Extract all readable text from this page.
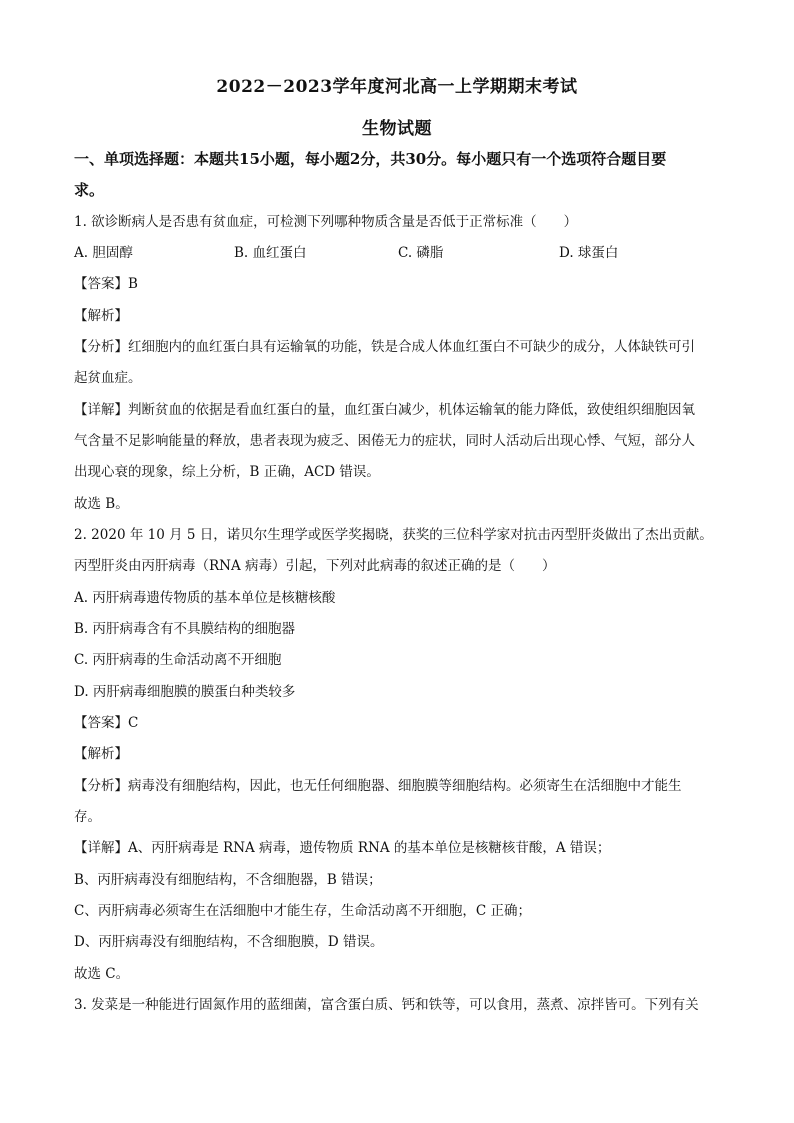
2022－2023学年度河北高一上学期期末考试
生物试题
一、单项选择题：本题共15小题，每小题2分，共30分。每小题只有一个选项符合题目要
求。
1. 欲诊断病人是否患有贫血症，可检测下列哪种物质含量是否低于正常标准（　　）
A. 胆固醇	B. 血红蛋白	C. 磷脂	D. 球蛋白
【答案】B
【解析】
【分析】红细胞内的血红蛋白具有运输氧的功能，铁是合成人体血红蛋白不可缺少的成分，人体缺铁可引
起贫血症。
【详解】判断贫血的依据是看血红蛋白的量，血红蛋白减少，机体运输氧的能力降低，致使组织细胞因氧
气含量不足影响能量的释放，患者表现为疲乏、困倦无力的症状，同时人活动后出现心悸、气短，部分人
出现心衰的现象，综上分析，B 正确，ACD 错误。
故选 B。
2. 2020 年 10 月 5 日，诺贝尔生理学或医学奖揭晓，获奖的三位科学家对抗击丙型肝炎做出了杰出贡献。
丙型肝炎由丙肝病毒（RNA 病毒）引起，下列对此病毒的叙述正确的是（　　）
A. 丙肝病毒遗传物质的基本单位是核糖核酸
B. 丙肝病毒含有不具膜结构的细胞器
C. 丙肝病毒的生命活动离不开细胞
D. 丙肝病毒细胞膜的膜蛋白种类较多
【答案】C
【解析】
【分析】病毒没有细胞结构，因此，也无任何细胞器、细胞膜等细胞结构。必须寄生在活细胞中才能生
存。
【详解】A、丙肝病毒是 RNA 病毒，遗传物质 RNA 的基本单位是核糖核苷酸，A 错误；
B、丙肝病毒没有细胞结构，不含细胞器，B 错误；
C、丙肝病毒必须寄生在活细胞中才能生存，生命活动离不开细胞，C 正确；
D、丙肝病毒没有细胞结构，不含细胞膜，D 错误。
故选 C。
3. 发菜是一种能进行固氮作用的蓝细菌，富含蛋白质、钙和铁等，可以食用，蒸煮、凉拌皆可。下列有关
